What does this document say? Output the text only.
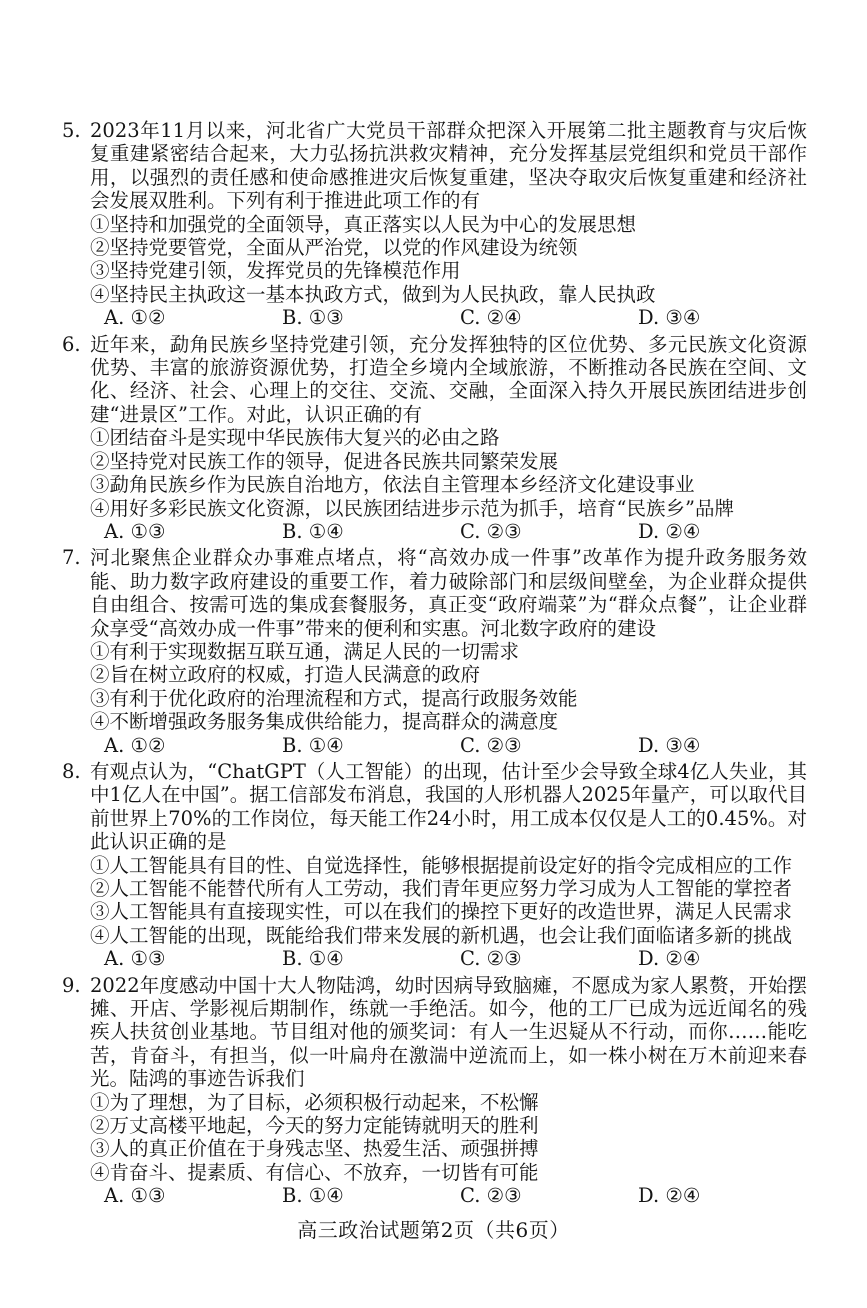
5. 2023年11月以来，河北省广大党员干部群众把深入开展第二批主题教育与灾后恢复重建紧密结合起来，大力弘扬抗洪救灾精神，充分发挥基层党组织和党员干部作用，以强烈的责任感和使命感推进灾后恢复重建，坚决夺取灾后恢复重建和经济社会发展双胜利。下列有利于推进此项工作的有
①坚持和加强党的全面领导，真正落实以人民为中心的发展思想
②坚持党要管党，全面从严治党，以党的作风建设为统领
③坚持党建引领，发挥党员的先锋模范作用
④坚持民主执政这一基本执政方式，做到为人民执政，靠人民执政
A. ①②	B. ①③	C. ②④	D. ③④
6. 近年来，勐角民族乡坚持党建引领，充分发挥独特的区位优势、多元民族文化资源优势、丰富的旅游资源优势，打造全乡境内全域旅游，不断推动各民族在空间、文化、经济、社会、心理上的交往、交流、交融，全面深入持久开展民族团结进步创建“进景区”工作。对此，认识正确的有
①团结奋斗是实现中华民族伟大复兴的必由之路
②坚持党对民族工作的领导，促进各民族共同繁荣发展
③勐角民族乡作为民族自治地方，依法自主管理本乡经济文化建设事业
④用好多彩民族文化资源，以民族团结进步示范为抓手，培育“民族乡”品牌
A. ①③	B. ①④	C. ②③	D. ②④
7. 河北聚焦企业群众办事难点堵点，将“高效办成一件事”改革作为提升政务服务效能、助力数字政府建设的重要工作，着力破除部门和层级间壁垒，为企业群众提供自由组合、按需可选的集成套餐服务，真正变“政府端菜”为“群众点餐”，让企业群众享受“高效办成一件事”带来的便利和实惠。河北数字政府的建设
①有利于实现数据互联互通，满足人民的一切需求
②旨在树立政府的权威，打造人民满意的政府
③有利于优化政府的治理流程和方式，提高行政服务效能
④不断增强政务服务集成供给能力，提高群众的满意度
A. ①②	B. ①④	C. ②③	D. ③④
8. 有观点认为，“ChatGPT（人工智能）的出现，估计至少会导致全球4亿人失业，其中1亿人在中国”。据工信部发布消息，我国的人形机器人2025年量产，可以取代目前世界上70%的工作岗位，每天能工作24小时，用工成本仅仅是人工的0.45%。对此认识正确的是
①人工智能具有目的性、自觉选择性，能够根据提前设定好的指令完成相应的工作
②人工智能不能替代所有人工劳动，我们青年更应努力学习成为人工智能的掌控者
③人工智能具有直接现实性，可以在我们的操控下更好的改造世界，满足人民需求
④人工智能的出现，既能给我们带来发展的新机遇，也会让我们面临诸多新的挑战
A. ①③	B. ①④	C. ②③	D. ②④
9. 2022年度感动中国十大人物陆鸿，幼时因病导致脑瘫，不愿成为家人累赘，开始摆摊、开店、学影视后期制作，练就一手绝活。如今，他的工厂已成为远近闻名的残疾人扶贫创业基地。节目组对他的颁奖词：有人一生迟疑从不行动，而你……能吃苦，肯奋斗，有担当，似一叶扁舟在激湍中逆流而上，如一株小树在万木前迎来春光。陆鸿的事迹告诉我们
①为了理想，为了目标，必须积极行动起来，不松懈
②万丈高楼平地起，今天的努力定能铸就明天的胜利
③人的真正价值在于身残志坚、热爱生活、顽强拼搏
④肯奋斗、提素质、有信心、不放弃，一切皆有可能
A. ①③	B. ①④	C. ②③	D. ②④
高三政治试题第2页（共6页）
